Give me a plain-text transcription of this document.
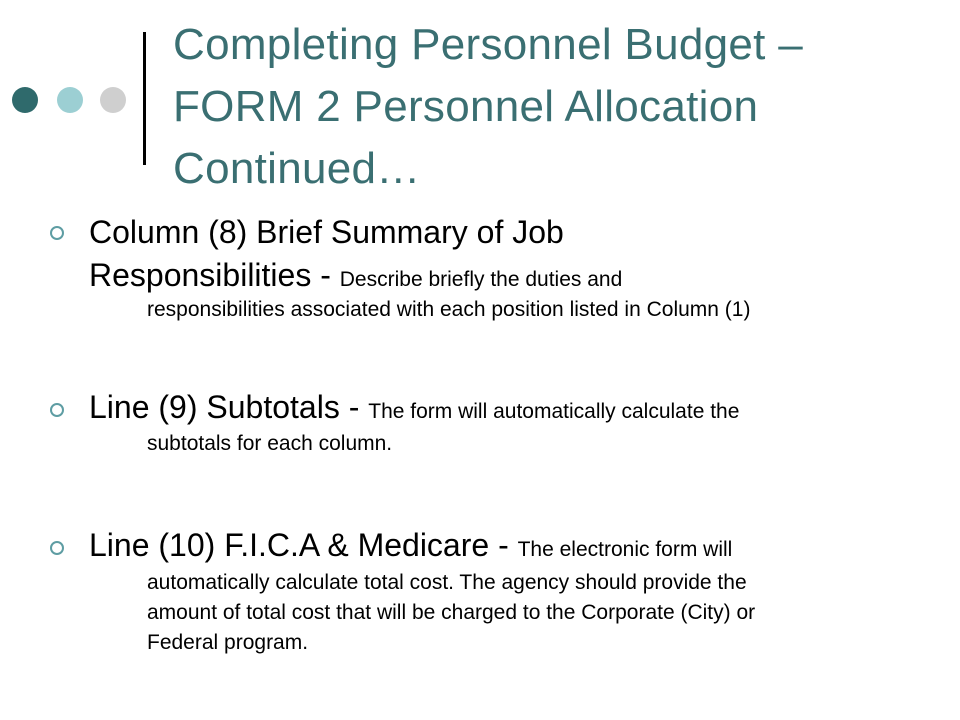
Completing Personnel Budget –
FORM 2 Personnel Allocation
Continued…
Column (8) Brief Summary of Job
Responsibilities - Describe briefly the duties and
responsibilities associated with each position listed in Column (1)
Line (9) Subtotals - The form will automatically calculate the
subtotals for each column.
Line (10) F.I.C.A & Medicare - The electronic form will
automatically calculate total cost. The agency should provide the
amount of total cost that will be charged to the Corporate (City) or
Federal program.
